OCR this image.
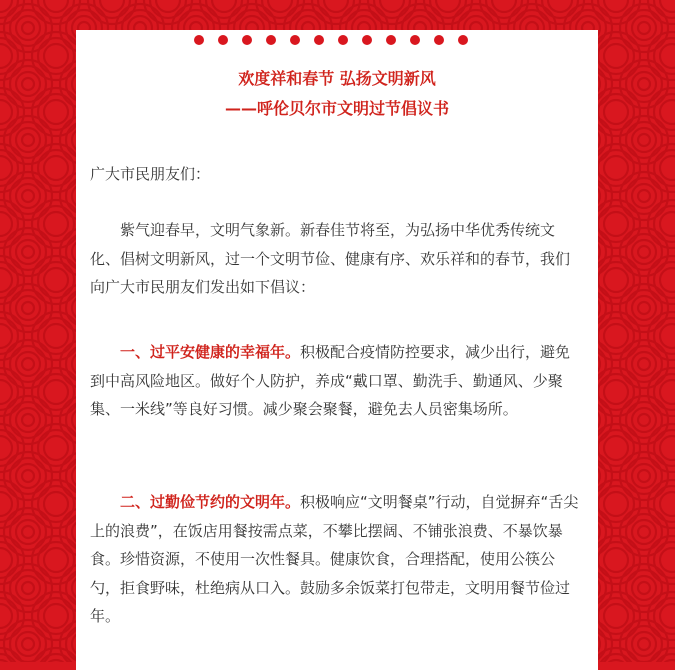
欢度祥和春节 弘扬文明新风
——呼伦贝尔市文明过节倡议书
广大市民朋友们：
紫气迎春早，文明气象新。新春佳节将至，为弘扬中华优秀传统文化、倡树文明新风，过一个文明节俭、健康有序、欢乐祥和的春节，我们向广大市民朋友们发出如下倡议：
一、过平安健康的幸福年。积极配合疫情防控要求，减少出行，避免到中高风险地区。做好个人防护，养成“戴口罩、勤洗手、勤通风、少聚集、一米线”等良好习惯。减少聚会聚餐，避免去人员密集场所。
二、过勤俭节约的文明年。积极响应“文明餐桌”行动，自觉摒弃“舌尖上的浪费”，在饭店用餐按需点菜，不攀比摆阔、不铺张浪费、不暴饮暴食。珍惜资源，不使用一次性餐具。健康饮食，合理搭配，使用公筷公勺，拒食野味，杜绝病从口入。鼓励多余饭菜打包带走，文明用餐节俭过年。
